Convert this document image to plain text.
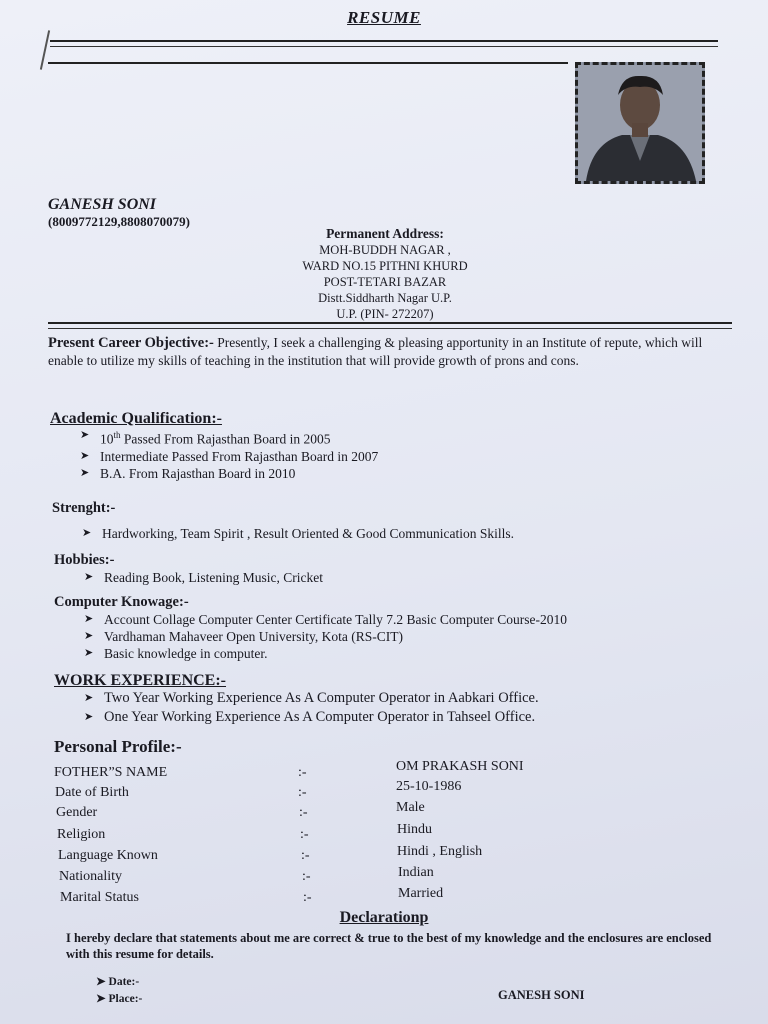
RESUME
GANESH SONI
(8009772129,8808070079)
Permanent Address:
MOH-BUDDH NAGAR ,
WARD NO.15 PITHNI KHURD
POST-TETARI BAZAR
Distt.Siddharth Nagar U.P.
U.P. (PIN- 272207)
Present Career Objective:- Presently, I seek a challenging & pleasing apportunity in an Institute of repute, which will enable to utilize my skills of teaching in the institution that will provide growth of prons and cons.
Academic Qualification:-
➤ 10th Passed From Rajasthan Board in 2005
➤ Intermediate Passed From Rajasthan Board in 2007
➤ B.A. From Rajasthan Board in 2010
Strenght:-
➤ Hardworking, Team Spirit , Result Oriented & Good Communication Skills.
Hobbies:-
➤ Reading Book, Listening Music, Cricket
Computer Knowage:-
➤ Account Collage Computer Center Certificate Tally 7.2 Basic Computer Course-2010
➤ Vardhaman Mahaveer Open University, Kota (RS-CIT)
➤ Basic knowledge in computer.
WORK EXPERIENCE:-
➤ Two Year Working Experience As A Computer Operator in Aabkari Office.
➤ One Year Working Experience As A Computer Operator in Tahseel Office.
Personal Profile:-
FOTHER”S NAME	:-	OM PRAKASH SONI
Date of Birth	:-	25-10-1986
Gender	:-	Male
Religion	:-	Hindu
Language Known	:-	Hindi , English
Nationality	:-	Indian
Marital Status	:-	Married
Declarationp
I hereby declare that statements about me are correct & true to the best of my knowledge and the enclosures are enclosed with this resume for details.
➤ Date:-
➤ Place:-	GANESH SONI
